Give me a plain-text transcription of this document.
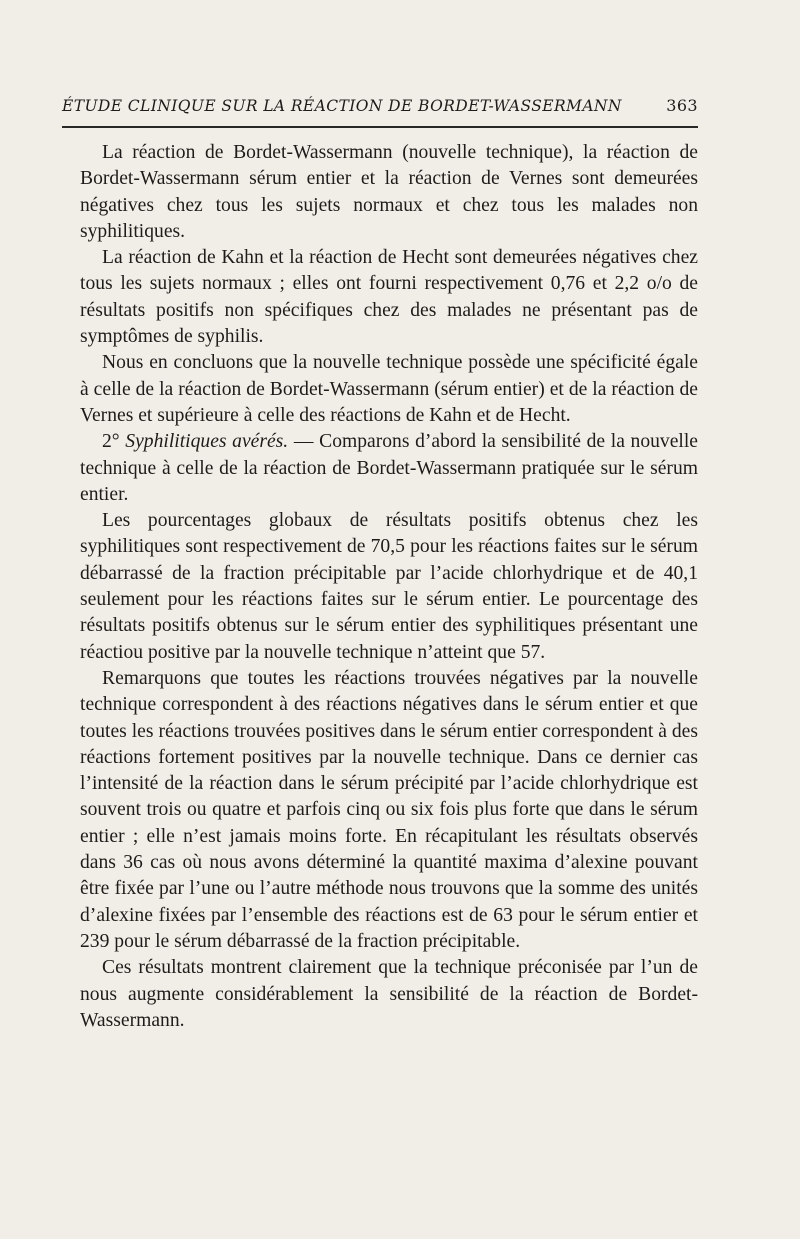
ÉTUDE CLINIQUE SUR LA RÉACTION DE BORDET-WASSERMANN	363

La réaction de Bordet-Wassermann (nouvelle technique), la réaction de Bordet-Wassermann sérum entier et la réaction de Vernes sont demeurées négatives chez tous les sujets normaux et chez tous les malades non syphilitiques.

La réaction de Kahn et la réaction de Hecht sont demeurées négatives chez tous les sujets normaux ; elles ont fourni respectivement 0,76 et 2,2 o/o de résultats positifs non spécifiques chez des malades ne présentant pas de symptômes de syphilis.

Nous en concluons que la nouvelle technique possède une spécificité égale à celle de la réaction de Bordet-Wassermann (sérum entier) et de la réaction de Vernes et supérieure à celle des réactions de Kahn et de Hecht.

2° Syphilitiques avérés. — Comparons d’abord la sensibilité de la nouvelle technique à celle de la réaction de Bordet-Wassermann pratiquée sur le sérum entier.

Les pourcentages globaux de résultats positifs obtenus chez les syphilitiques sont respectivement de 70,5 pour les réactions faites sur le sérum débarrassé de la fraction précipitable par l’acide chlorhydrique et de 40,1 seulement pour les réactions faites sur le sérum entier. Le pourcentage des résultats positifs obtenus sur le sérum entier des syphilitiques présentant une réactiou positive par la nouvelle technique n’atteint que 57.

Remarquons que toutes les réactions trouvées négatives par la nouvelle technique correspondent à des réactions négatives dans le sérum entier et que toutes les réactions trouvées positives dans le sérum entier correspondent à des réactions fortement positives par la nouvelle technique. Dans ce dernier cas l’intensité de la réaction dans le sérum précipité par l’acide chlorhydrique est souvent trois ou quatre et parfois cinq ou six fois plus forte que dans le sérum entier ; elle n’est jamais moins forte. En récapitulant les résultats observés dans 36 cas où nous avons déterminé la quantité maxima d’alexine pouvant être fixée par l’une ou l’autre méthode nous trouvons que la somme des unités d’alexine fixées par l’ensemble des réactions est de 63 pour le sérum entier et 239 pour le sérum débarrassé de la fraction précipitable.

Ces résultats montrent clairement que la technique préconisée par l’un de nous augmente considérablement la sensibilité de la réaction de Bordet-Wassermann.
